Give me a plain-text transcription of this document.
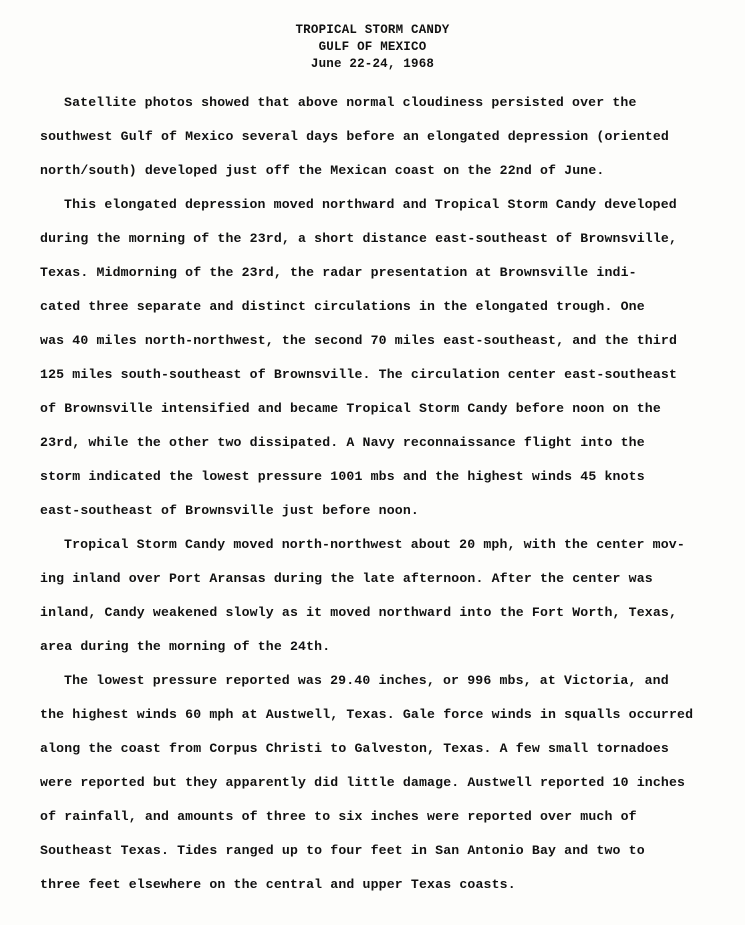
TROPICAL STORM CANDY
GULF OF MEXICO
June 22-24, 1968
Satellite photos showed that above normal cloudiness persisted over the
southwest Gulf of Mexico several days before an elongated depression (oriented
north/south) developed just off the Mexican coast on the 22nd of June.
This elongated depression moved northward and Tropical Storm Candy developed
during the morning of the 23rd, a short distance east-southeast of Brownsville,
Texas. Midmorning of the 23rd, the radar presentation at Brownsville indi-
cated three separate and distinct circulations in the elongated trough. One
was 40 miles north-northwest, the second 70 miles east-southeast, and the third
125 miles south-southeast of Brownsville. The circulation center east-southeast
of Brownsville intensified and became Tropical Storm Candy before noon on the
23rd, while the other two dissipated. A Navy reconnaissance flight into the
storm indicated the lowest pressure 1001 mbs and the highest winds 45 knots
east-southeast of Brownsville just before noon.
Tropical Storm Candy moved north-northwest about 20 mph, with the center mov-
ing inland over Port Aransas during the late afternoon. After the center was
inland, Candy weakened slowly as it moved northward into the Fort Worth, Texas,
area during the morning of the 24th.
The lowest pressure reported was 29.40 inches, or 996 mbs, at Victoria, and
the highest winds 60 mph at Austwell, Texas. Gale force winds in squalls occurred
along the coast from Corpus Christi to Galveston, Texas. A few small tornadoes
were reported but they apparently did little damage. Austwell reported 10 inches
of rainfall, and amounts of three to six inches were reported over much of
Southeast Texas. Tides ranged up to four feet in San Antonio Bay and two to
three feet elsewhere on the central and upper Texas coasts.
